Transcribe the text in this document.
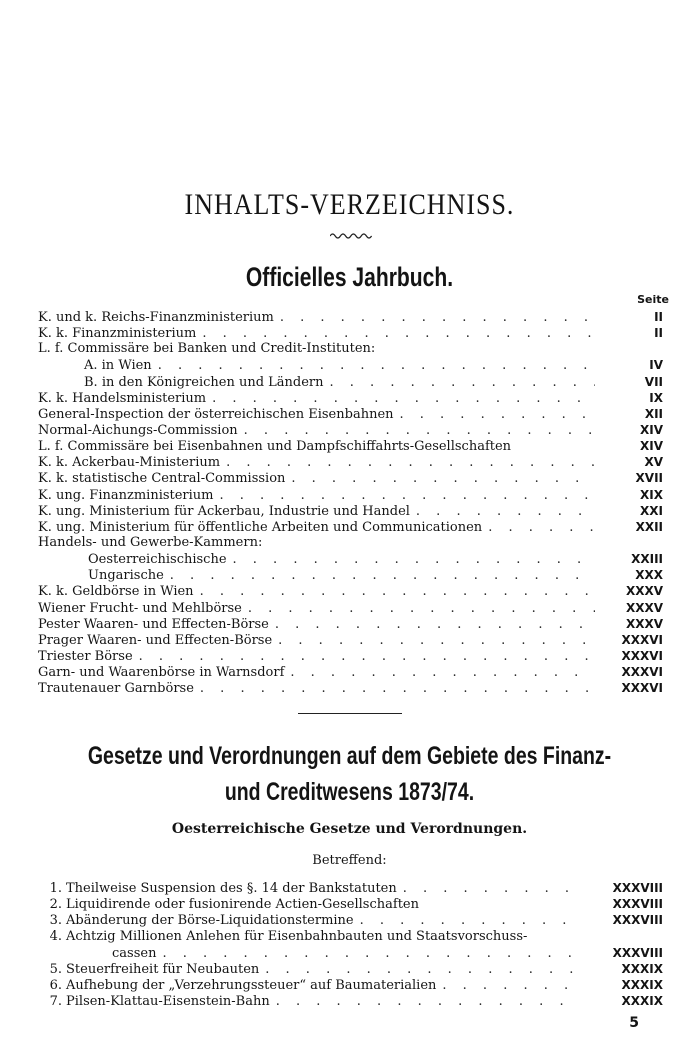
INHALTS-VERZEICHNISS.
Officielles Jahrbuch.
Seite
K. und k. Reichs-Finanzministerium . . .	II
K. k. Finanzministerium . . .	II
L. f. Commissäre bei Banken und Credit-Instituten:
A. in Wien . . .	IV
B. in den Königreichen und Ländern . . .	VII
K. k. Handelsministerium . . .	IX
General-Inspection der österreichischen Eisenbahnen . . .	XII
Normal-Aichungs-Commission . . .	XIV
L. f. Commissäre bei Eisenbahnen und Dampfschiffahrts-Gesellschaften	XIV
K. k. Ackerbau-Ministerium . . .	XV
K. k. statistische Central-Commission . . .	XVII
K. ung. Finanzministerium . . .	XIX
K. ung. Ministerium für Ackerbau, Industrie und Handel . . .	XXI
K. ung. Ministerium für öffentliche Arbeiten und Communicationen . . .	XXII
Handels- und Gewerbe-Kammern:
Oesterreichischische . . .	XXIII
Ungarische . . .	XXX
K. k. Geldbörse in Wien . . .	XXXV
Wiener Frucht- und Mehlbörse . . .	XXXV
Pester Waaren- und Effecten-Börse . . .	XXXV
Prager Waaren- und Effecten-Börse . . .	XXXVI
Triester Börse . . .	XXXVI
Garn- und Waarenbörse in Warnsdorf . . .	XXXVI
Trautenauer Garnbörse . . .	XXXVI
Gesetze und Verordnungen auf dem Gebiete des Finanz-
und Creditwesens 1873/74.
Oesterreichische Gesetze und Verordnungen.
Betreffend:
1. Theilweise Suspension des §. 14 der Bankstatuten . . .	XXXVIII
2. Liquidirende oder fusionirende Actien-Gesellschaften	XXXVIII
3. Abänderung der Börse-Liquidationstermine . . .	XXXVIII
4. Achtzig Millionen Anlehen für Eisenbahnbauten und Staatsvorschuss-
cassen . . .	XXXVIII
5. Steuerfreiheit für Neubauten . . .	XXXIX
6. Aufhebung der „Verzehrungssteuer“ auf Baumaterialien . . .	XXXIX
7. Pilsen-Klattau-Eisenstein-Bahn . . .	XXXIX
5
